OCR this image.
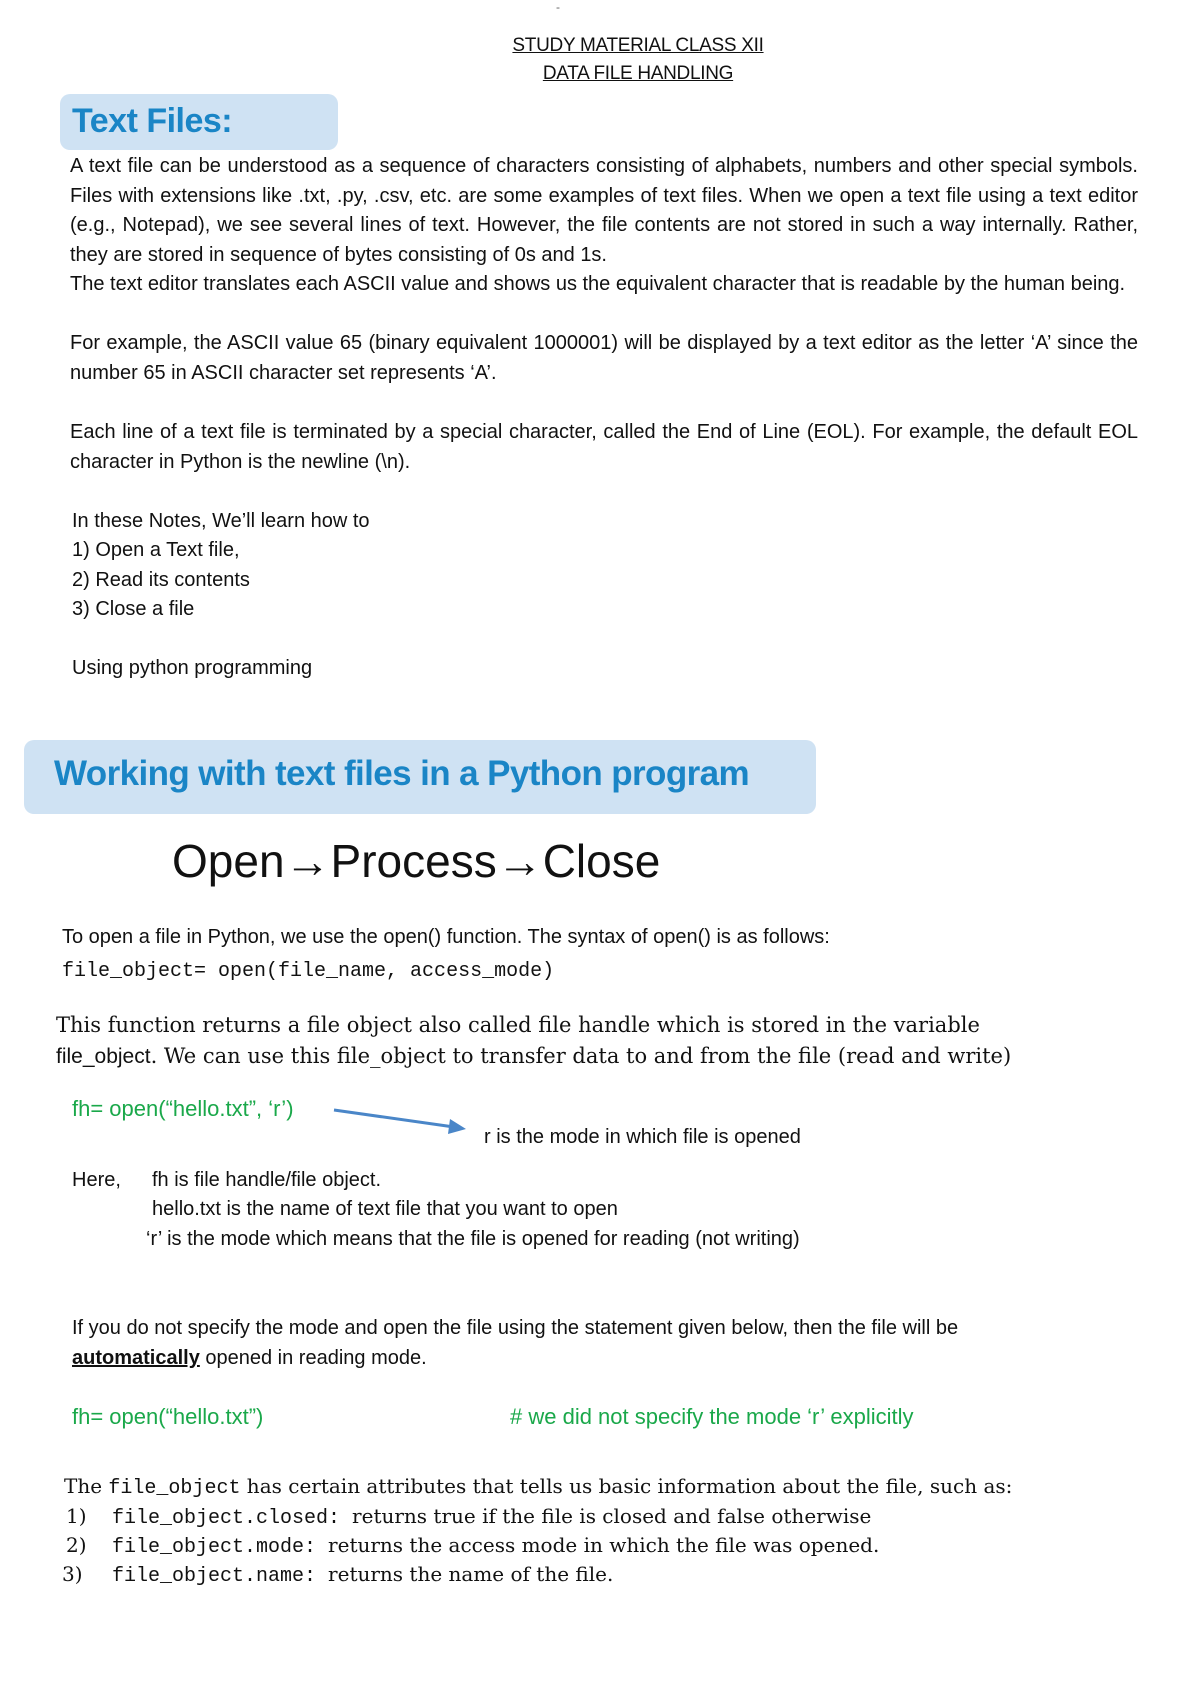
-
STUDY MATERIAL CLASS XII
DATA FILE HANDLING
Text Files:
A text file can be understood as a sequence of characters consisting of alphabets, numbers and other special symbols. Files with extensions like .txt, .py, .csv, etc. are some examples of text files. When we open a text file using a text editor (e.g., Notepad), we see several lines of text. However, the file contents are not stored in such a way internally. Rather, they are stored in sequence of bytes consisting of 0s and 1s.
The text editor translates each ASCII value and shows us the equivalent character that is readable by the human being.
For example, the ASCII value 65 (binary equivalent 1000001) will be displayed by a text editor as the letter ‘A’ since the number 65 in ASCII character set represents ‘A’.
Each line of a text file is terminated by a special character, called the End of Line (EOL). For example, the default EOL character in Python is the newline (\n).
In these Notes, We’ll learn how to
1) Open a Text file,
2) Read its contents
3) Close a file
Using python programming
Working with text files in a Python program
Open→Process→Close
To open a file in Python, we use the open() function. The syntax of open() is as follows:
file_object= open(file_name, access_mode)
This function returns a file object also called file handle which is stored in the variable
file_object. We can use this file_object to transfer data to and from the file (read and write)
fh= open(“hello.txt”, ‘r’)
r is the mode in which file is opened
Here, fh is file handle/file object.
hello.txt is the name of text file that you want to open
‘r’ is the mode which means that the file is opened for reading (not writing)
If you do not specify the mode and open the file using the statement given below, then the file will be
automatically opened in reading mode.
fh= open(“hello.txt”)	# we did not specify the mode ‘r’ explicitly
The file_object has certain attributes that tells us basic information about the file, such as:
1) file_object.closed: returns true if the file is closed and false otherwise
2) file_object.mode: returns the access mode in which the file was opened.
3) file_object.name: returns the name of the file.
